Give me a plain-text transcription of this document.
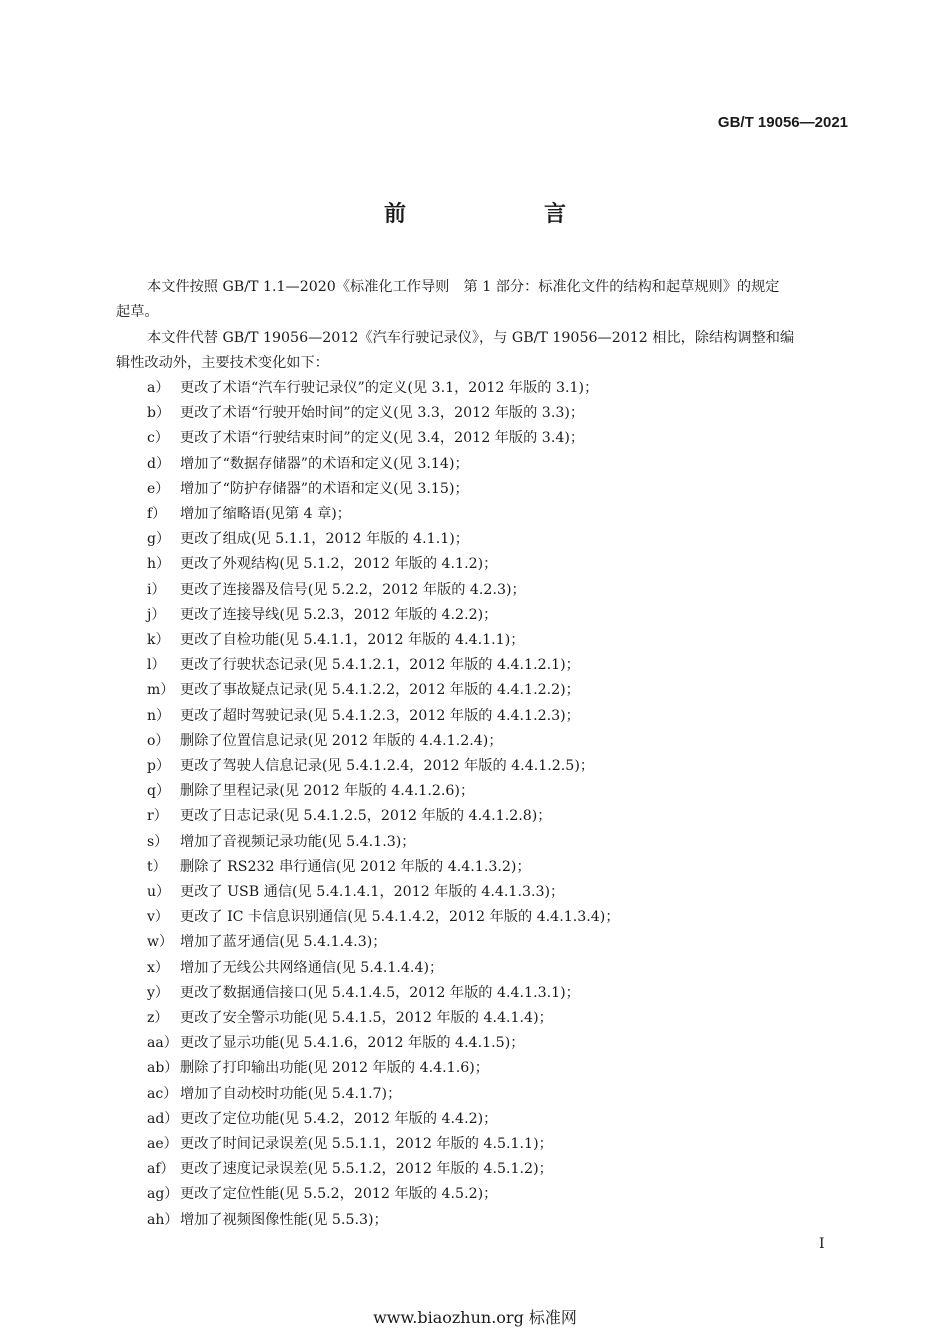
GB/T 19056—2021
前　言
本文件按照 GB/T 1.1—2020《标准化工作导则　第 1 部分：标准化文件的结构和起草规则》的规定
起草。
本文件代替 GB/T 19056—2012《汽车行驶记录仪》，与 GB/T 19056—2012 相比，除结构调整和编
辑性改动外，主要技术变化如下：
a） 更改了术语“汽车行驶记录仪”的定义(见 3.1，2012 年版的 3.1)；
b） 更改了术语“行驶开始时间”的定义(见 3.3，2012 年版的 3.3)；
c） 更改了术语“行驶结束时间”的定义(见 3.4，2012 年版的 3.4)；
d） 增加了“数据存储器”的术语和定义(见 3.14)；
e） 增加了“防护存储器”的术语和定义(见 3.15)；
f） 增加了缩略语(见第 4 章)；
g） 更改了组成(见 5.1.1，2012 年版的 4.1.1)；
h） 更改了外观结构(见 5.1.2，2012 年版的 4.1.2)；
i） 更改了连接器及信号(见 5.2.2，2012 年版的 4.2.3)；
j） 更改了连接导线(见 5.2.3，2012 年版的 4.2.2)；
k） 更改了自检功能(见 5.4.1.1，2012 年版的 4.4.1.1)；
l） 更改了行驶状态记录(见 5.4.1.2.1，2012 年版的 4.4.1.2.1)；
m） 更改了事故疑点记录(见 5.4.1.2.2，2012 年版的 4.4.1.2.2)；
n） 更改了超时驾驶记录(见 5.4.1.2.3，2012 年版的 4.4.1.2.3)；
o） 删除了位置信息记录(见 2012 年版的 4.4.1.2.4)；
p） 更改了驾驶人信息记录(见 5.4.1.2.4，2012 年版的 4.4.1.2.5)；
q） 删除了里程记录(见 2012 年版的 4.4.1.2.6)；
r） 更改了日志记录(见 5.4.1.2.5，2012 年版的 4.4.1.2.8)；
s） 增加了音视频记录功能(见 5.4.1.3)；
t） 删除了 RS232 串行通信(见 2012 年版的 4.4.1.3.2)；
u） 更改了 USB 通信(见 5.4.1.4.1，2012 年版的 4.4.1.3.3)；
v） 更改了 IC 卡信息识别通信(见 5.4.1.4.2，2012 年版的 4.4.1.3.4)；
w） 增加了蓝牙通信(见 5.4.1.4.3)；
x） 增加了无线公共网络通信(见 5.4.1.4.4)；
y） 更改了数据通信接口(见 5.4.1.4.5，2012 年版的 4.4.1.3.1)；
z） 更改了安全警示功能(见 5.4.1.5，2012 年版的 4.4.1.4)；
aa） 更改了显示功能(见 5.4.1.6，2012 年版的 4.4.1.5)；
ab） 删除了打印输出功能(见 2012 年版的 4.4.1.6)；
ac） 增加了自动校时功能(见 5.4.1.7)；
ad） 更改了定位功能(见 5.4.2，2012 年版的 4.4.2)；
ae） 更改了时间记录误差(见 5.5.1.1，2012 年版的 4.5.1.1)；
af） 更改了速度记录误差(见 5.5.1.2，2012 年版的 4.5.1.2)；
ag） 更改了定位性能(见 5.5.2，2012 年版的 4.5.2)；
ah） 增加了视频图像性能(见 5.5.3)；
I
www.biaozhun.org 标准网
